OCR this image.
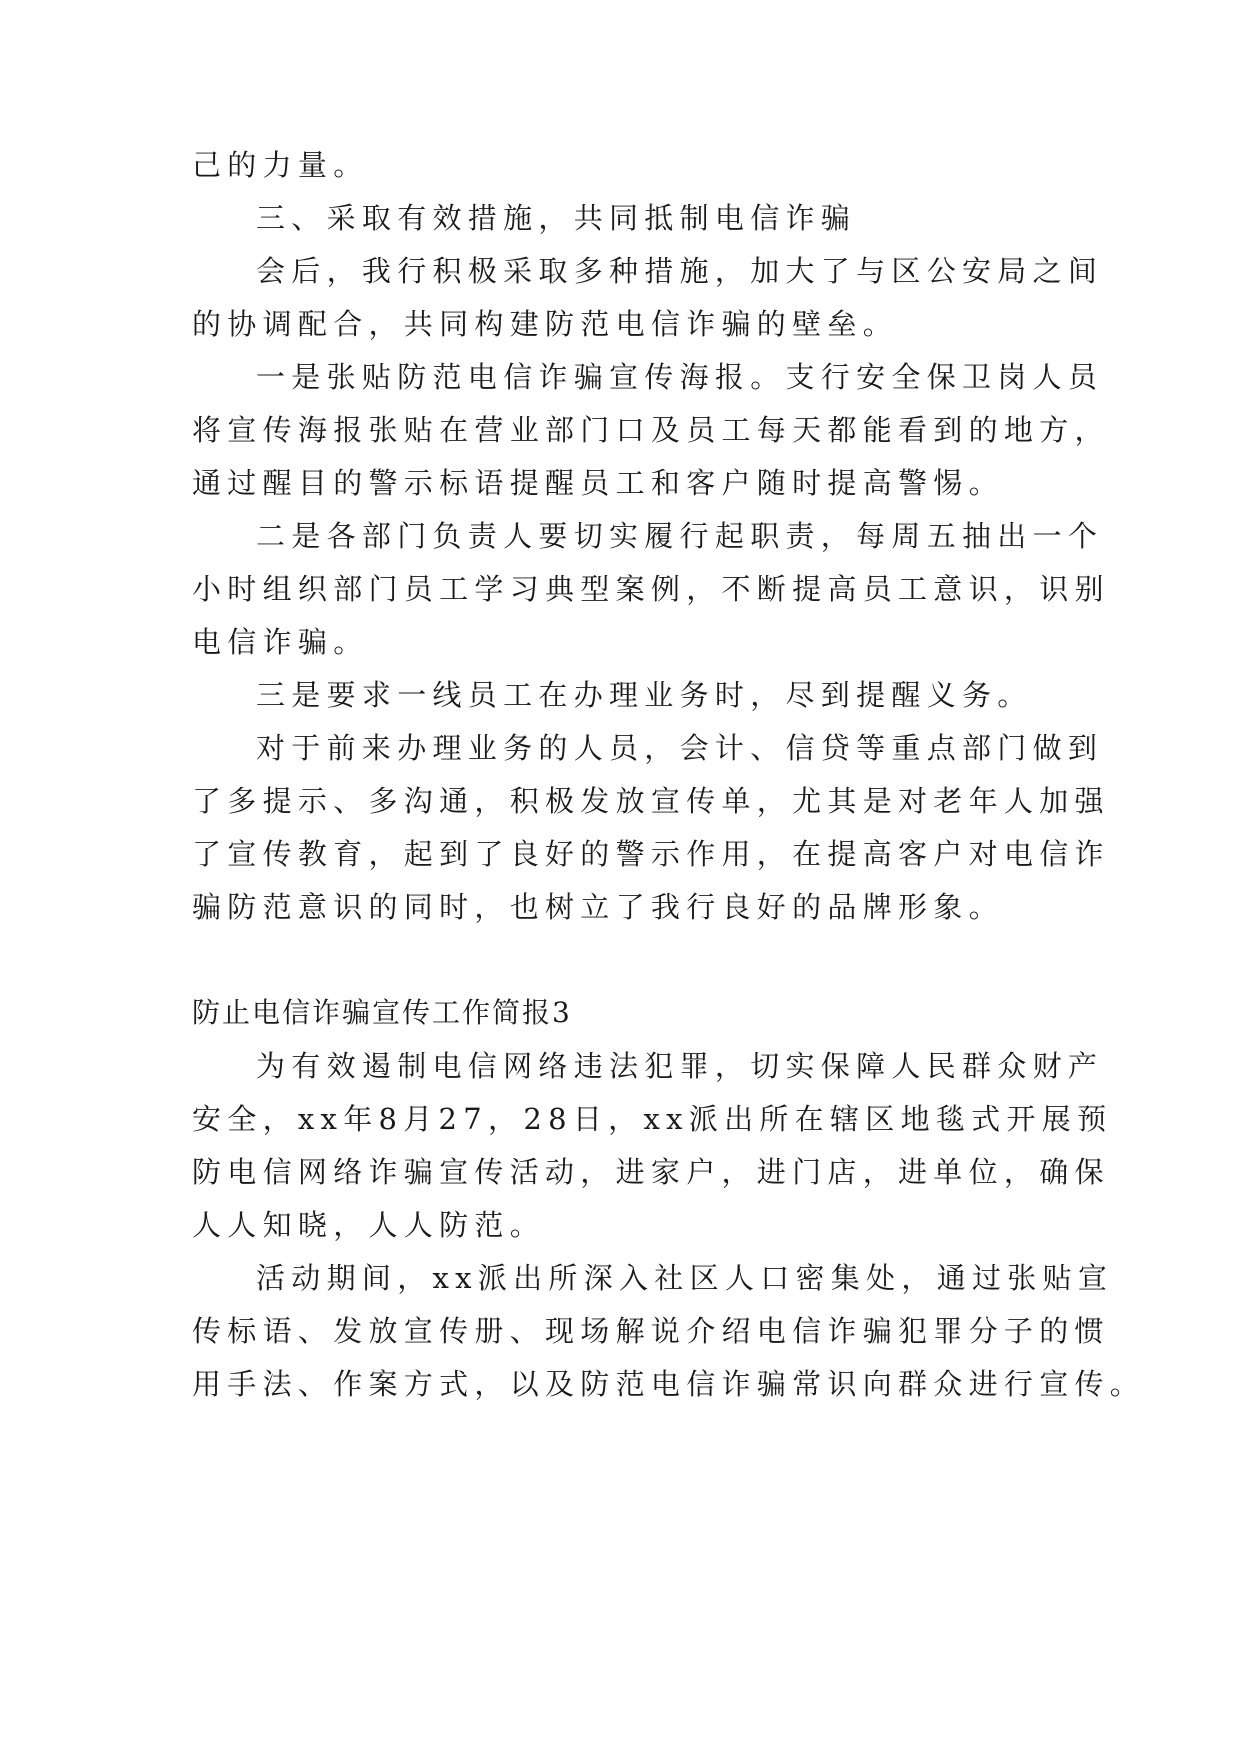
己的力量。
三、采取有效措施，共同抵制电信诈骗
会后，我行积极采取多种措施，加大了与区公安局之间
的协调配合，共同构建防范电信诈骗的壁垒。
一是张贴防范电信诈骗宣传海报。支行安全保卫岗人员
将宣传海报张贴在营业部门口及员工每天都能看到的地方，
通过醒目的警示标语提醒员工和客户随时提高警惕。
二是各部门负责人要切实履行起职责，每周五抽出一个
小时组织部门员工学习典型案例，不断提高员工意识，识别
电信诈骗。
三是要求一线员工在办理业务时，尽到提醒义务。
对于前来办理业务的人员，会计、信贷等重点部门做到
了多提示、多沟通，积极发放宣传单，尤其是对老年人加强
了宣传教育，起到了良好的警示作用，在提高客户对电信诈
骗防范意识的同时，也树立了我行良好的品牌形象。
防止电信诈骗宣传工作简报3
为有效遏制电信网络违法犯罪，切实保障人民群众财产
安全，xx年8月27，28日，xx派出所在辖区地毯式开展预
防电信网络诈骗宣传活动，进家户，进门店，进单位，确保
人人知晓，人人防范。
活动期间，xx派出所深入社区人口密集处，通过张贴宣
传标语、发放宣传册、现场解说介绍电信诈骗犯罪分子的惯
用手法、作案方式，以及防范电信诈骗常识向群众进行宣传。
